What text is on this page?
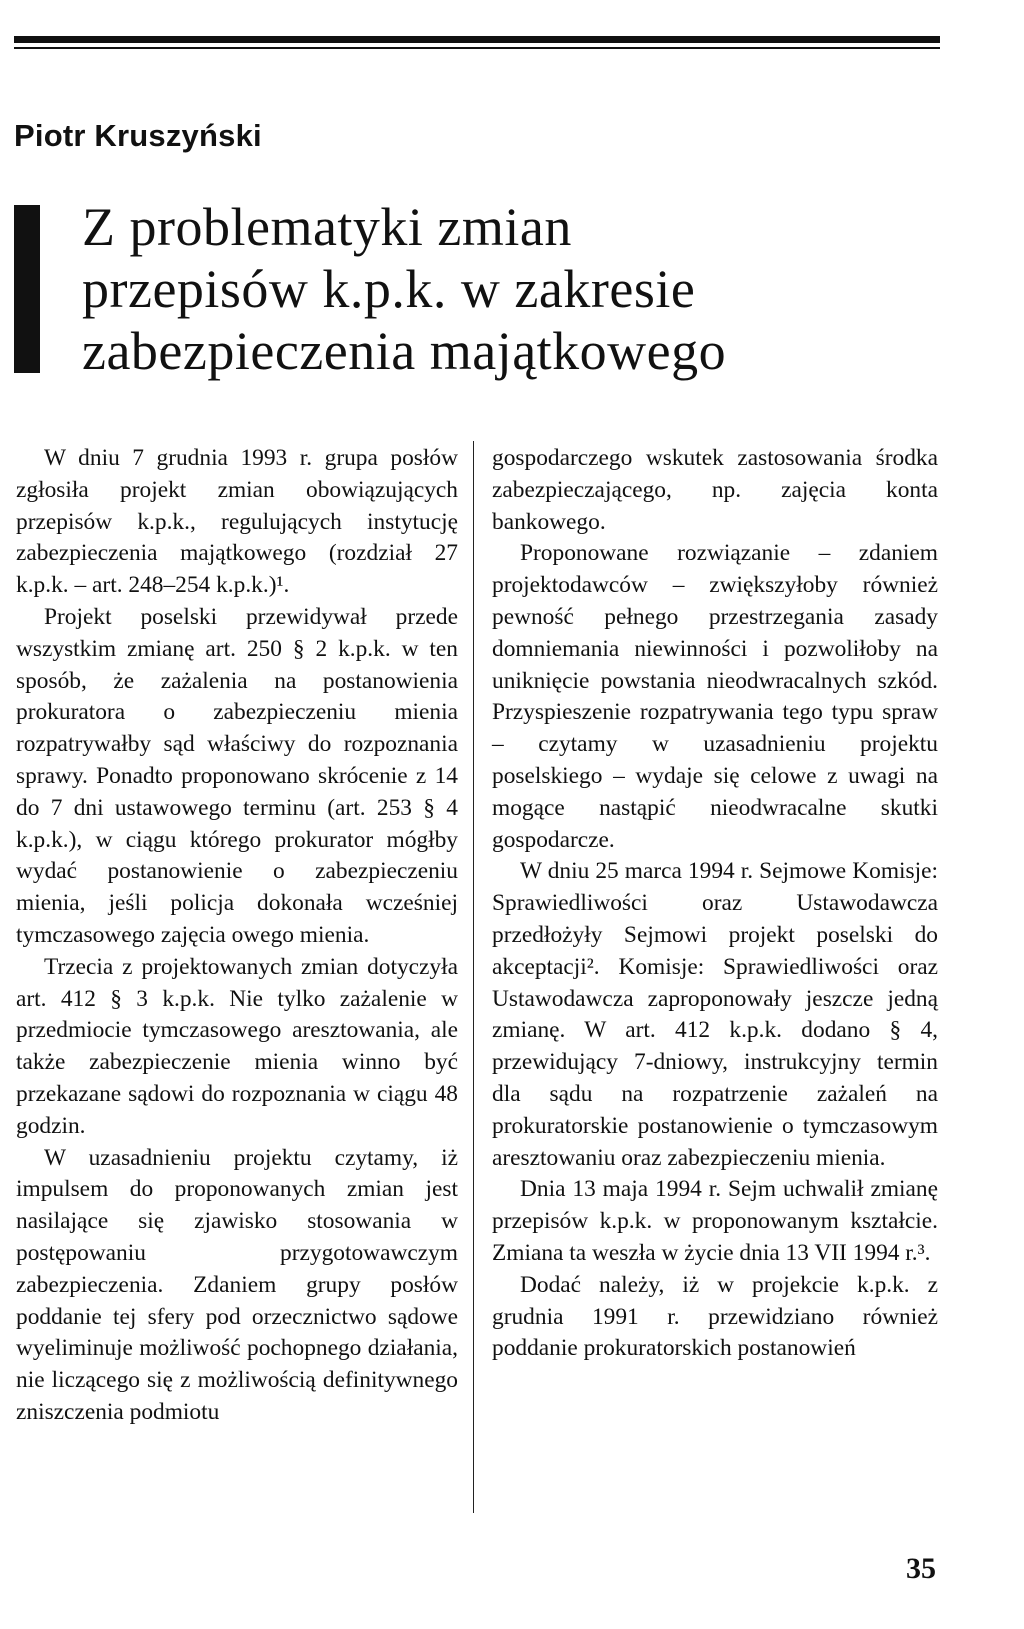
Piotr Kruszyński
Z problematyki zmian
przepisów k.p.k. w zakresie
zabezpieczenia majątkowego

W dniu 7 grudnia 1993 r. grupa posłów zgłosiła projekt zmian obowiązujących przepisów k.p.k., regulujących instytucję zabezpieczenia majątkowego (rozdział 27 k.p.k. – art. 248–254 k.p.k.)¹.

Projekt poselski przewidywał przede wszystkim zmianę art. 250 § 2 k.p.k. w ten sposób, że zażalenia na postanowienia prokuratora o zabezpieczeniu mienia rozpatrywałby sąd właściwy do rozpoznania sprawy. Ponadto proponowano skrócenie z 14 do 7 dni ustawowego terminu (art. 253 § 4 k.p.k.), w ciągu którego prokurator mógłby wydać postanowienie o zabezpieczeniu mienia, jeśli policja dokonała wcześniej tymczasowego zajęcia owego mienia.

Trzecia z projektowanych zmian dotyczyła art. 412 § 3 k.p.k. Nie tylko zażalenie w przedmiocie tymczasowego aresztowania, ale także zabezpieczenie mienia winno być przekazane sądowi do rozpoznania w ciągu 48 godzin.

W uzasadnieniu projektu czytamy, iż impulsem do proponowanych zmian jest nasilające się zjawisko stosowania w postępowaniu przygotowawczym zabezpieczenia. Zdaniem grupy posłów poddanie tej sfery pod orzecznictwo sądowe wyeliminuje możliwość pochopnego działania, nie liczącego się z możliwością definitywnego zniszczenia podmiotu

gospodarczego wskutek zastosowania środka zabezpieczającego, np. zajęcia konta bankowego.

Proponowane rozwiązanie – zdaniem projektodawców – zwiększyłoby również pewność pełnego przestrzegania zasady domniemania niewinności i pozwoliłoby na uniknięcie powstania nieodwracalnych szkód. Przyspieszenie rozpatrywania tego typu spraw – czytamy w uzasadnieniu projektu poselskiego – wydaje się celowe z uwagi na mogące nastąpić nieodwracalne skutki gospodarcze.

W dniu 25 marca 1994 r. Sejmowe Komisje: Sprawiedliwości oraz Ustawodawcza przedłożyły Sejmowi projekt poselski do akceptacji². Komisje: Sprawiedliwości oraz Ustawodawcza zaproponowały jeszcze jedną zmianę. W art. 412 k.p.k. dodano § 4, przewidujący 7-dniowy, instrukcyjny termin dla sądu na rozpatrzenie zażaleń na prokuratorskie postanowienie o tymczasowym aresztowaniu oraz zabezpieczeniu mienia.

Dnia 13 maja 1994 r. Sejm uchwalił zmianę przepisów k.p.k. w proponowanym kształcie. Zmiana ta weszła w życie dnia 13 VII 1994 r.³.

Dodać należy, iż w projekcie k.p.k. z grudnia 1991 r. przewidziano również poddanie prokuratorskich postanowień

35
